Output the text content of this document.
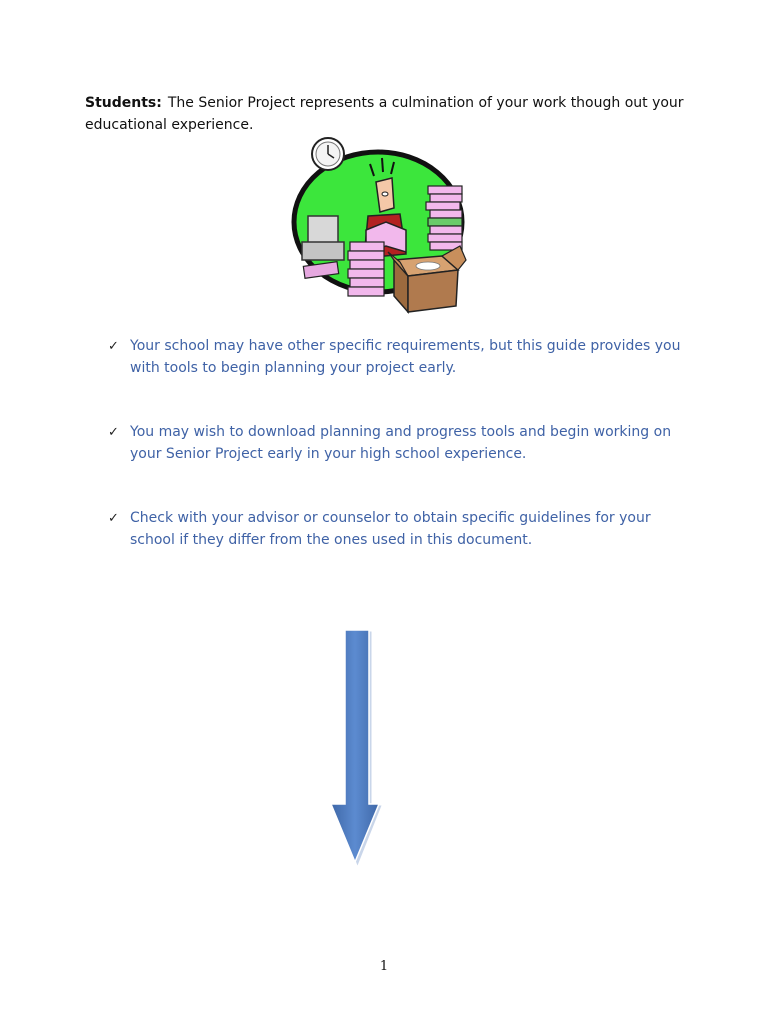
Students: The Senior Project represents a culmination of your work though out your educational experience.
✓ Your school may have other specific requirements, but this guide provides you with tools to begin planning your project early.
✓ You may wish to download planning and progress tools and begin working on your Senior Project early in your high school experience.
✓ Check with your advisor or counselor to obtain specific guidelines for your school if they differ from the ones used in this document.
1
